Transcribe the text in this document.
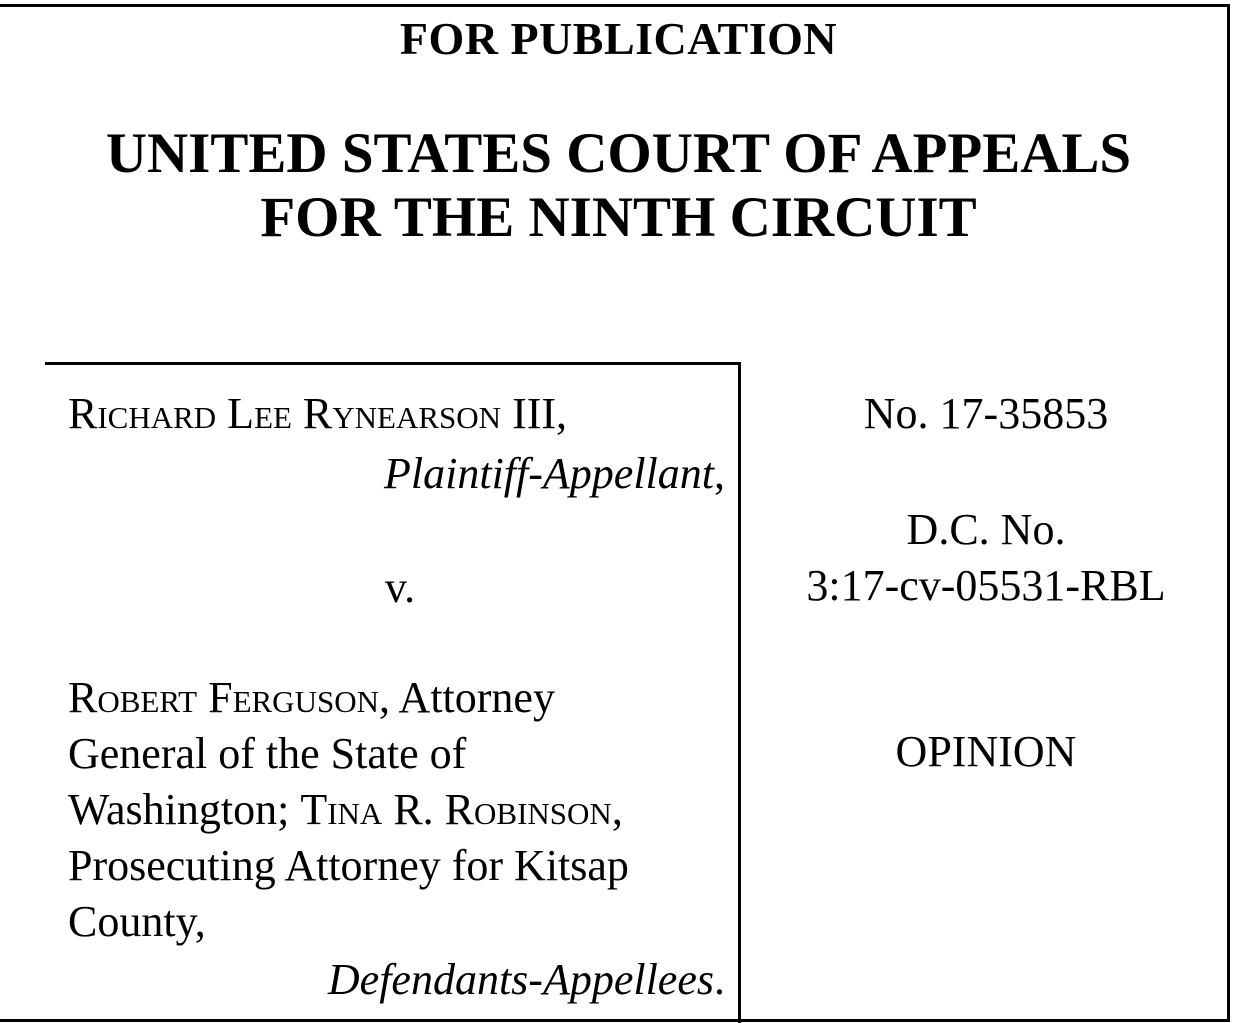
FOR PUBLICATION
UNITED STATES COURT OF APPEALS
FOR THE NINTH CIRCUIT
Richard Lee Rynearson III,
Plaintiff-Appellant,
v.
Robert Ferguson, Attorney
General of the State of
Washington; Tina R. Robinson,
Prosecuting Attorney for Kitsap
County,
Defendants-Appellees.
No. 17-35853
D.C. No.
3:17-cv-05531-RBL
OPINION
